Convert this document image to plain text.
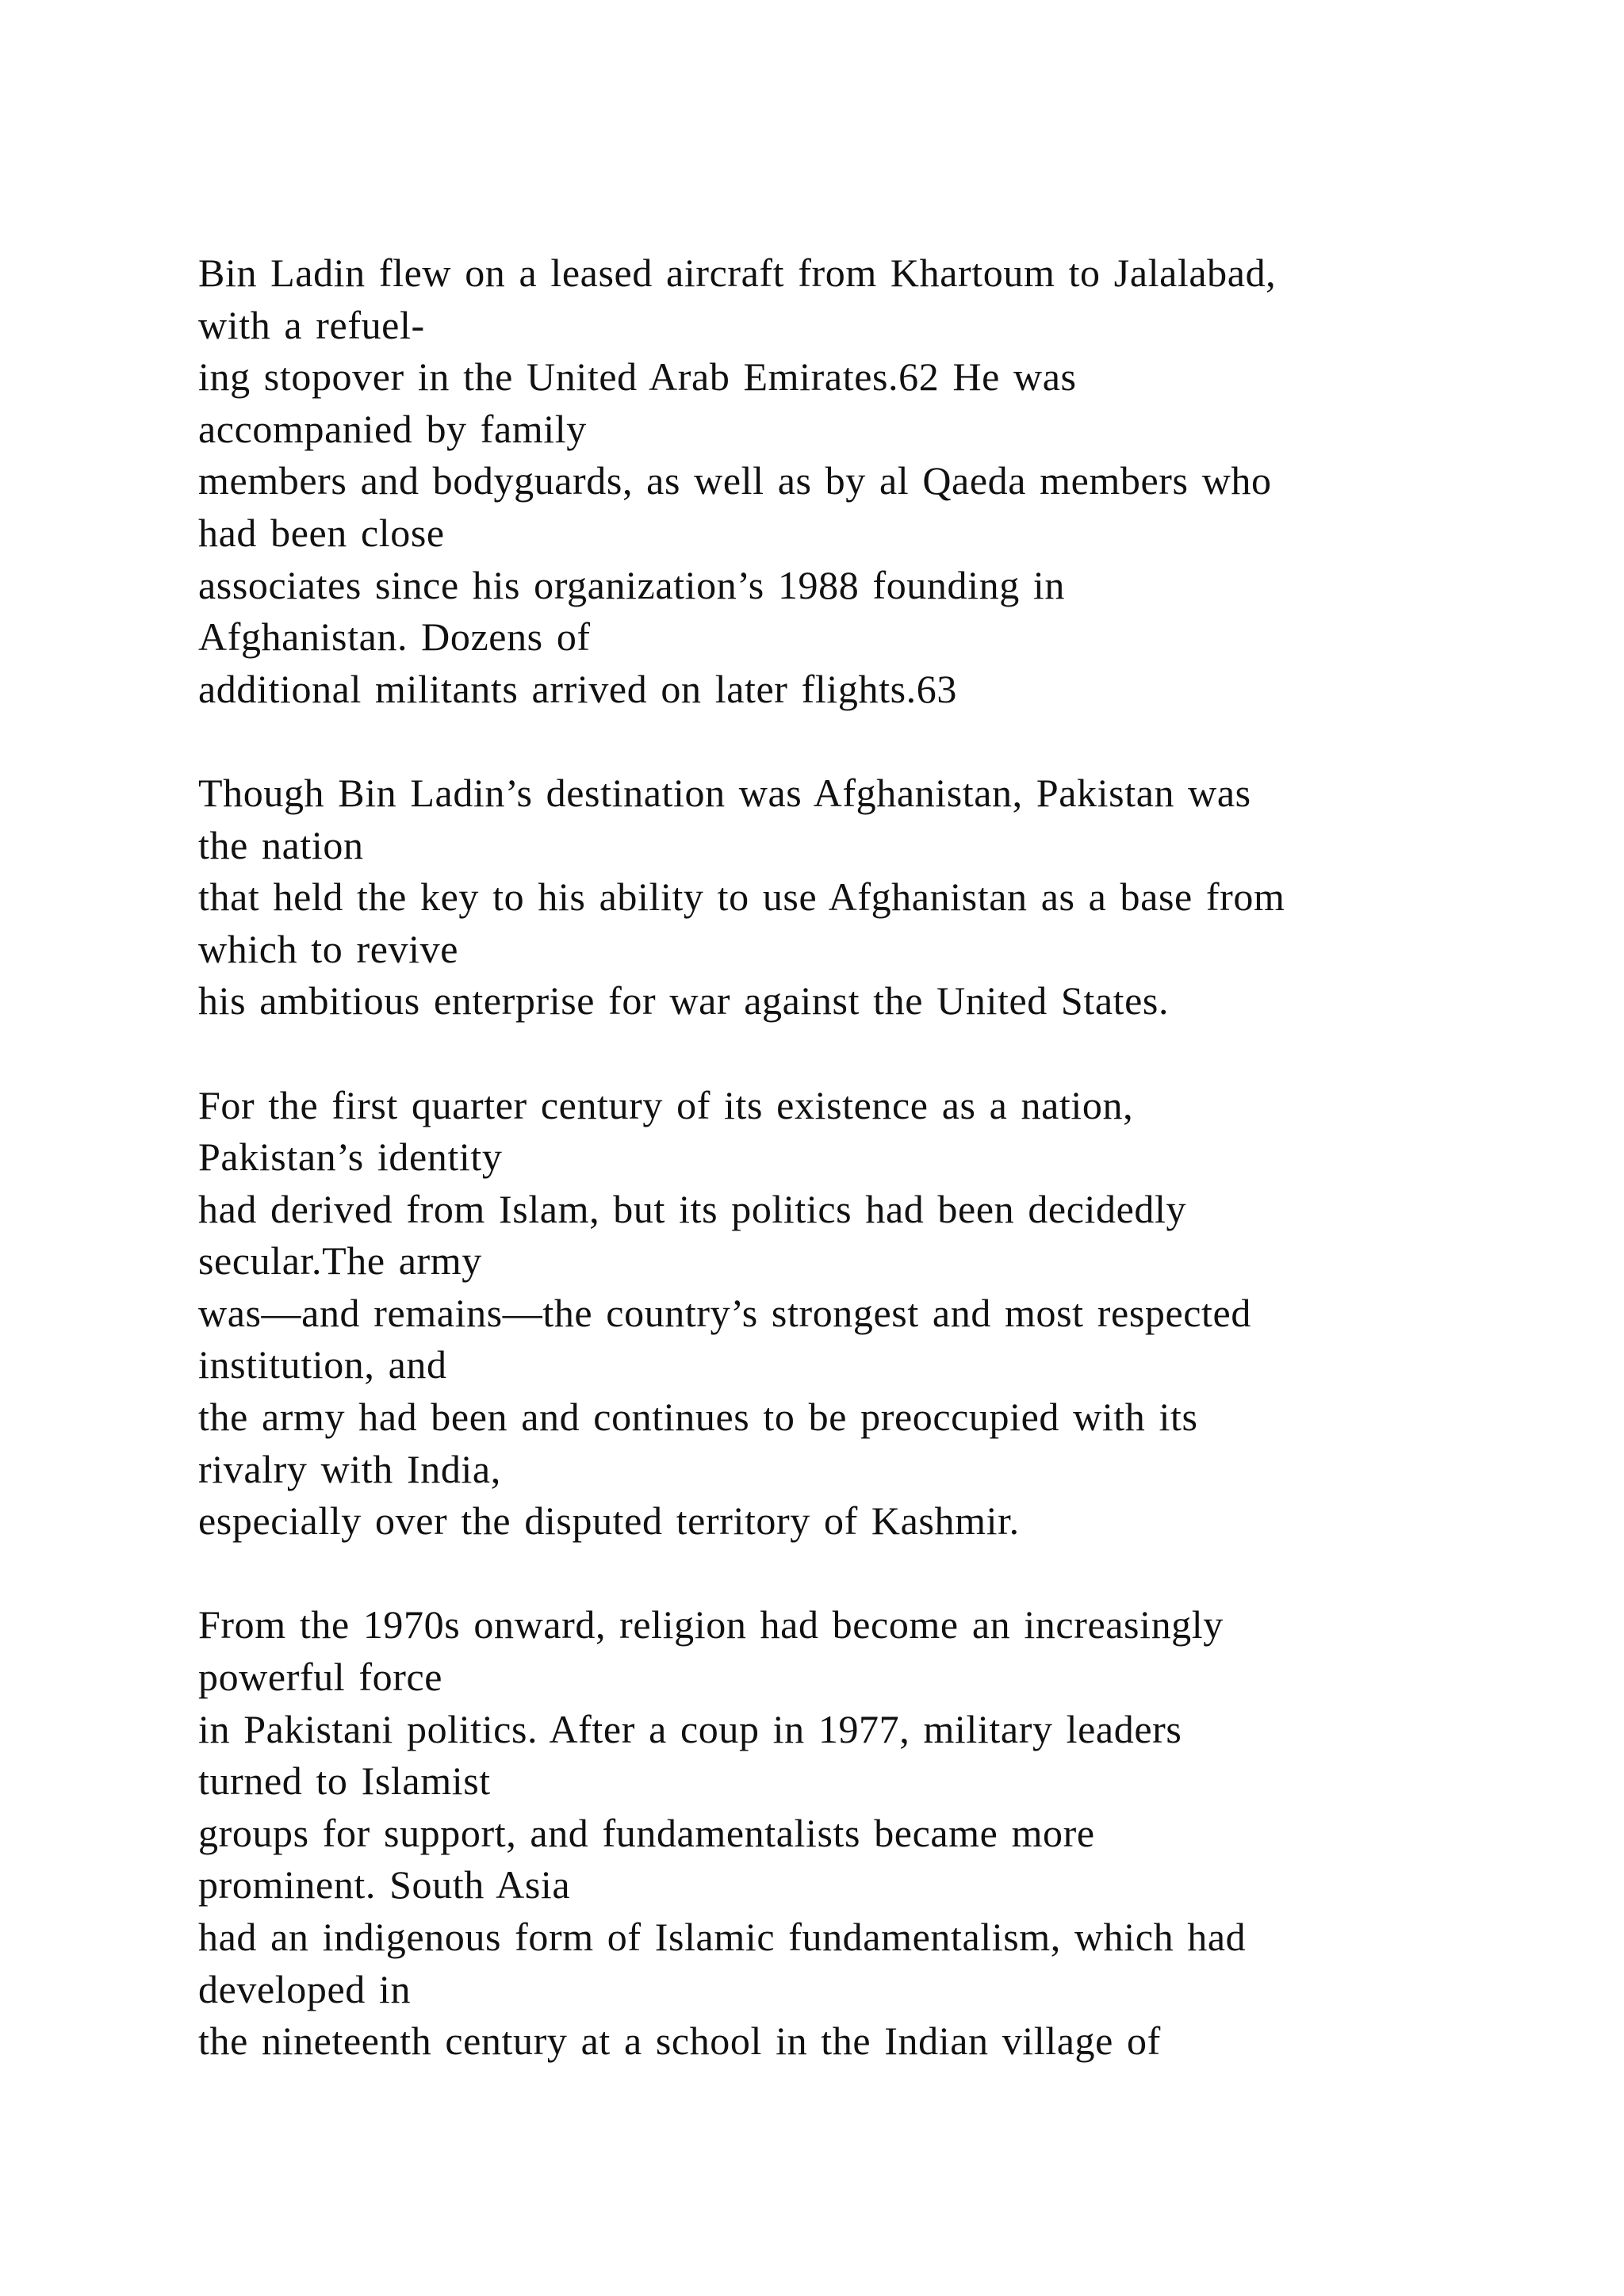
Bin Ladin flew on a leased aircraft from Khartoum to Jalalabad,
with a refuel-
ing stopover in the United Arab Emirates.62 He was
accompanied by family
members and bodyguards, as well as by al Qaeda members who
had been close
associates since his organization’s 1988 founding in
Afghanistan. Dozens of
additional militants arrived on later flights.63
Though Bin Ladin’s destination was Afghanistan, Pakistan was
the nation
that held the key to his ability to use Afghanistan as a base from
which to revive
his ambitious enterprise for war against the United States.
For the first quarter century of its existence as a nation,
Pakistan’s identity
had derived from Islam, but its politics had been decidedly
secular.The army
was—and remains—the country’s strongest and most respected
institution, and
the army had been and continues to be preoccupied with its
rivalry with India,
especially over the disputed territory of Kashmir.
From the 1970s onward, religion had become an increasingly
powerful force
in Pakistani politics. After a coup in 1977, military leaders
turned to Islamist
groups for support, and fundamentalists became more
prominent. South Asia
had an indigenous form of Islamic fundamentalism, which had
developed in
the nineteenth century at a school in the Indian village of
